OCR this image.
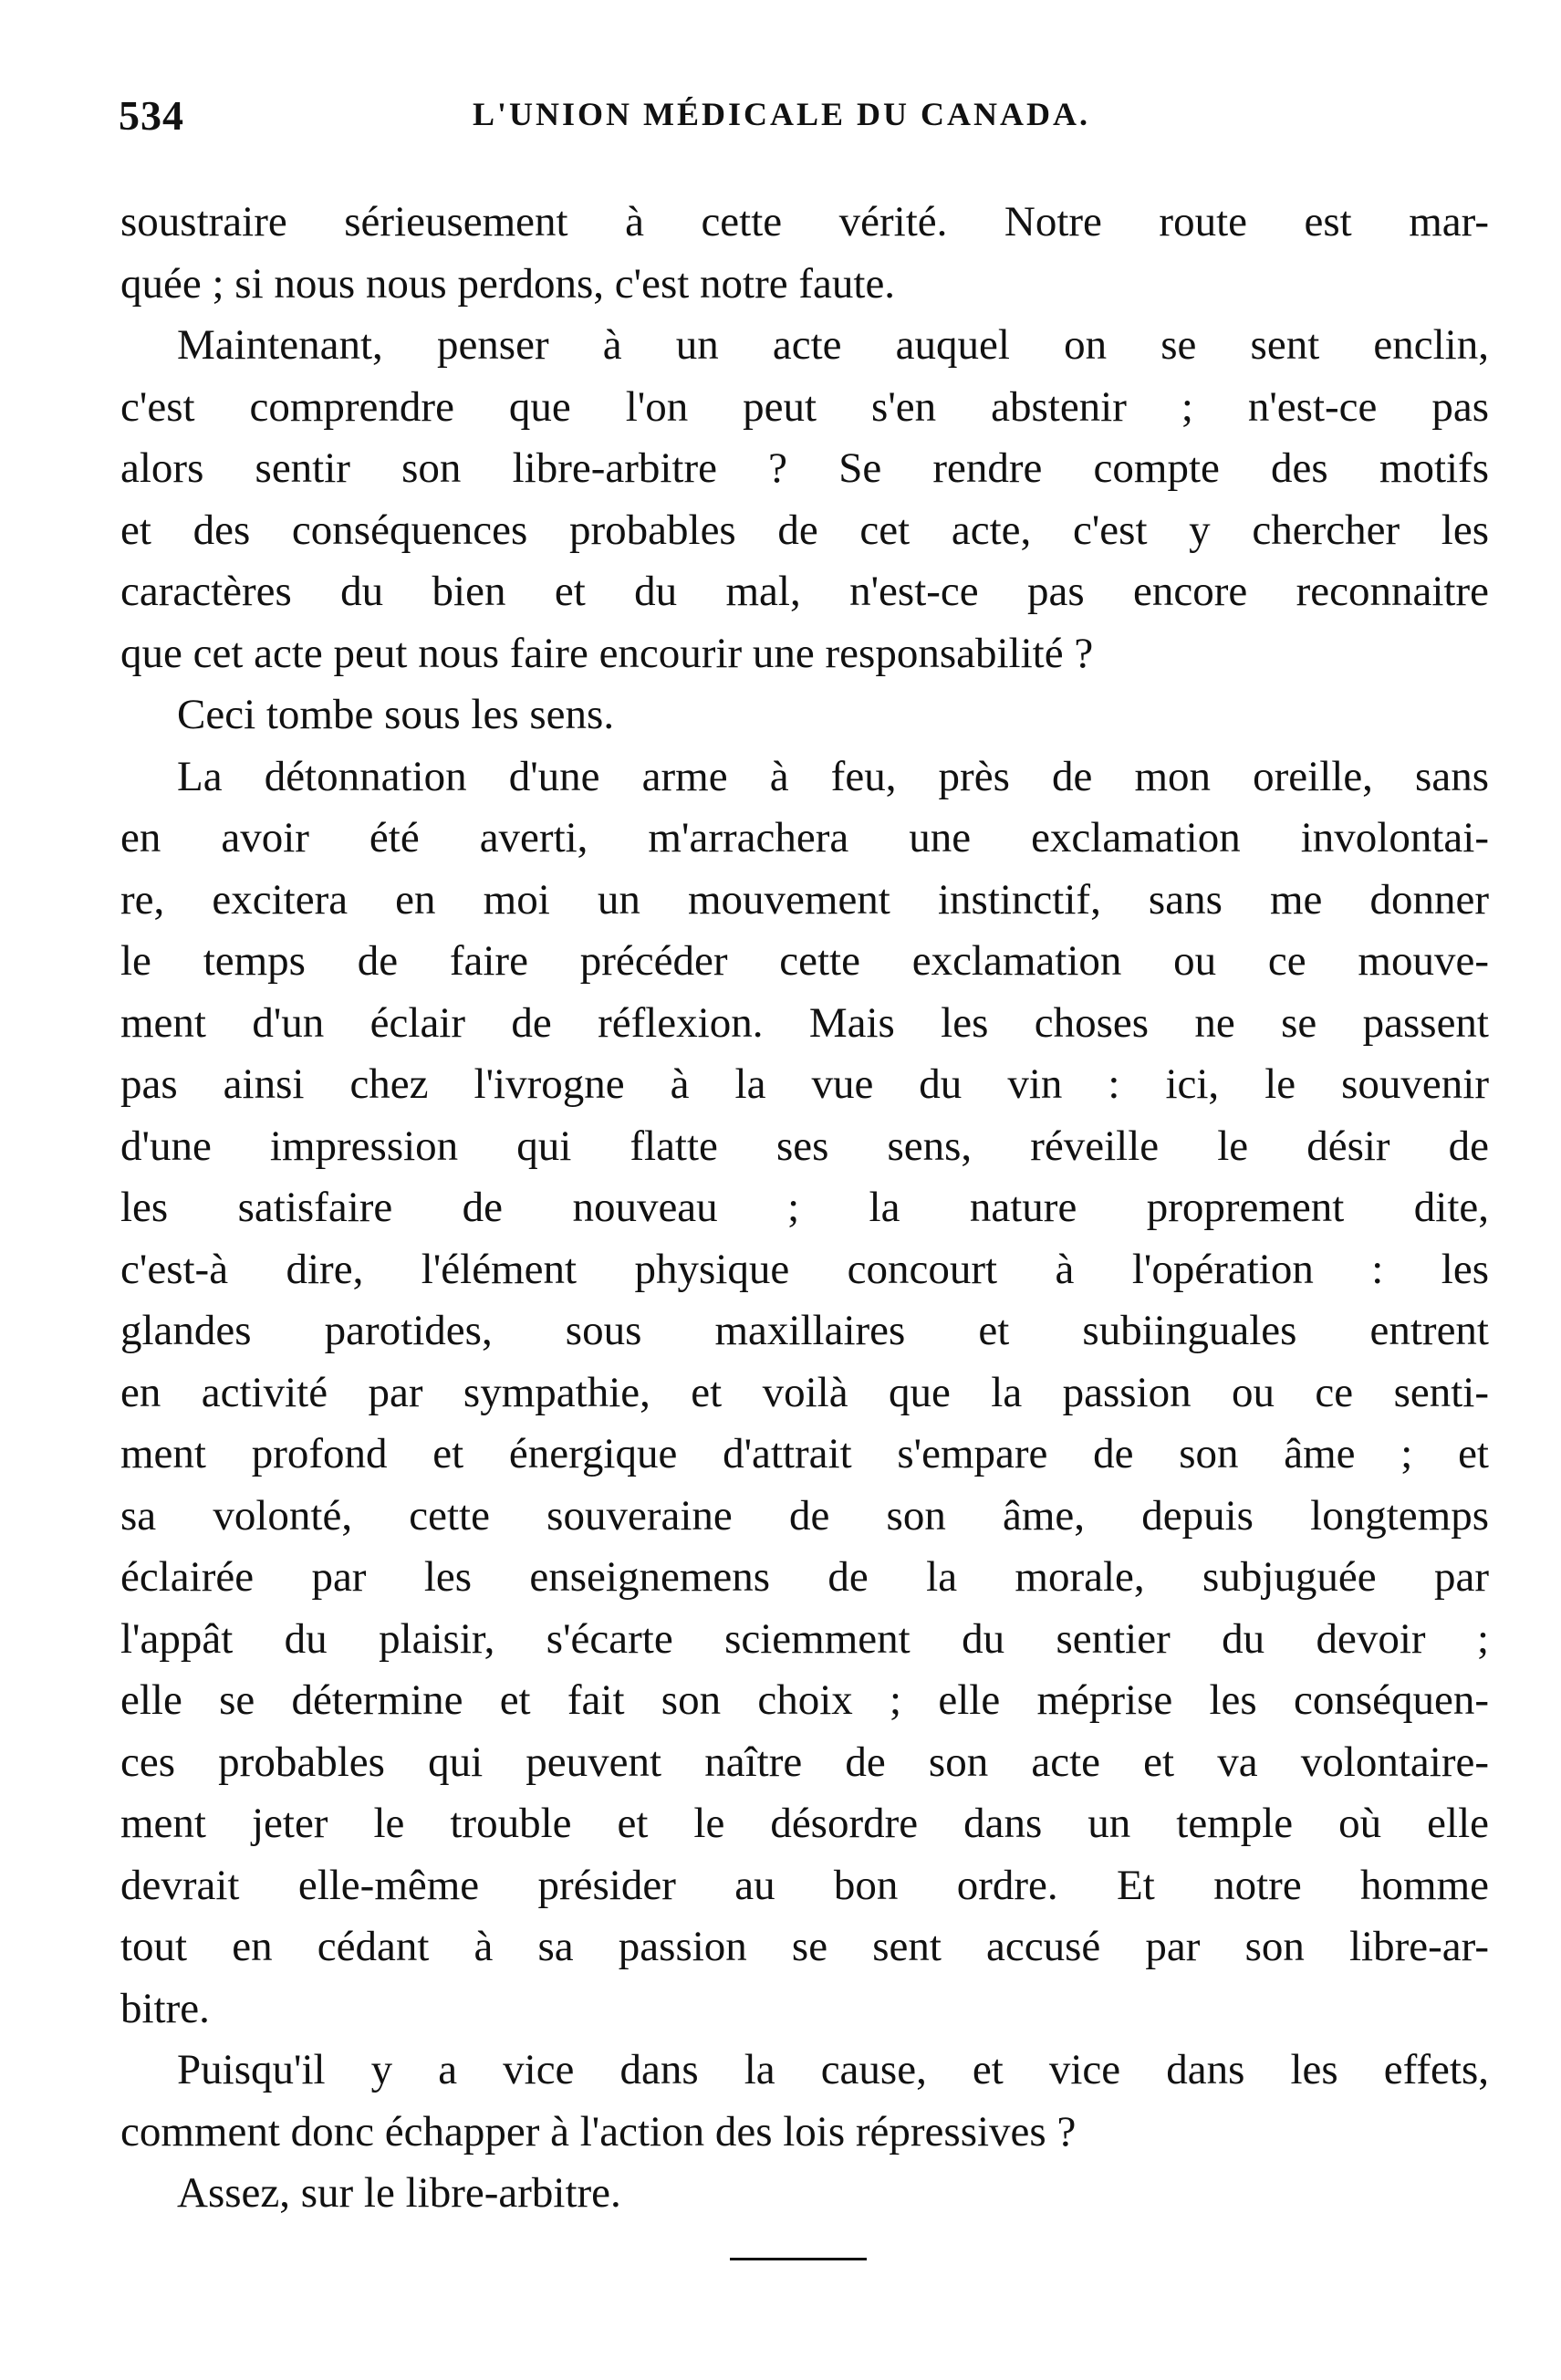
534	L'UNION MÉDICALE DU CANADA.
soustraire sérieusement à cette vérité. Notre route est mar-
quée ; si nous nous perdons, c'est notre faute.
Maintenant, penser à un acte auquel on se sent enclin,
c'est comprendre que l'on peut s'en abstenir ; n'est-ce pas
alors sentir son libre-arbitre ? Se rendre compte des motifs
et des conséquences probables de cet acte, c'est y chercher les
caractères du bien et du mal, n'est-ce pas encore reconnaitre
que cet acte peut nous faire encourir une responsabilité ?
Ceci tombe sous les sens.
La détonnation d'une arme à feu, près de mon oreille, sans
en avoir été averti, m'arrachera une exclamation involontai-
re, excitera en moi un mouvement instinctif, sans me donner
le temps de faire précéder cette exclamation ou ce mouve-
ment d'un éclair de réflexion. Mais les choses ne se passent
pas ainsi chez l'ivrogne à la vue du vin : ici, le souvenir
d'une impression qui flatte ses sens, réveille le désir de
les satisfaire de nouveau ; la nature proprement dite,
c'est-à dire, l'élément physique concourt à l'opération : les
glandes parotides, sous maxillaires et subiinguales entrent
en activité par sympathie, et voilà que la passion ou ce senti-
ment profond et énergique d'attrait s'empare de son âme ; et
sa volonté, cette souveraine de son âme, depuis longtemps
éclairée par les enseignemens de la morale, subjuguée par
l'appât du plaisir, s'écarte sciemment du sentier du devoir ;
elle se détermine et fait son choix ; elle méprise les conséquen-
ces probables qui peuvent naître de son acte et va volontaire-
ment jeter le trouble et le désordre dans un temple où elle
devrait elle-même présider au bon ordre. Et notre homme
tout en cédant à sa passion se sent accusé par son libre-ar-
bitre.
Puisqu'il y a vice dans la cause, et vice dans les effets,
comment donc échapper à l'action des lois répressives ?
Assez, sur le libre-arbitre.
